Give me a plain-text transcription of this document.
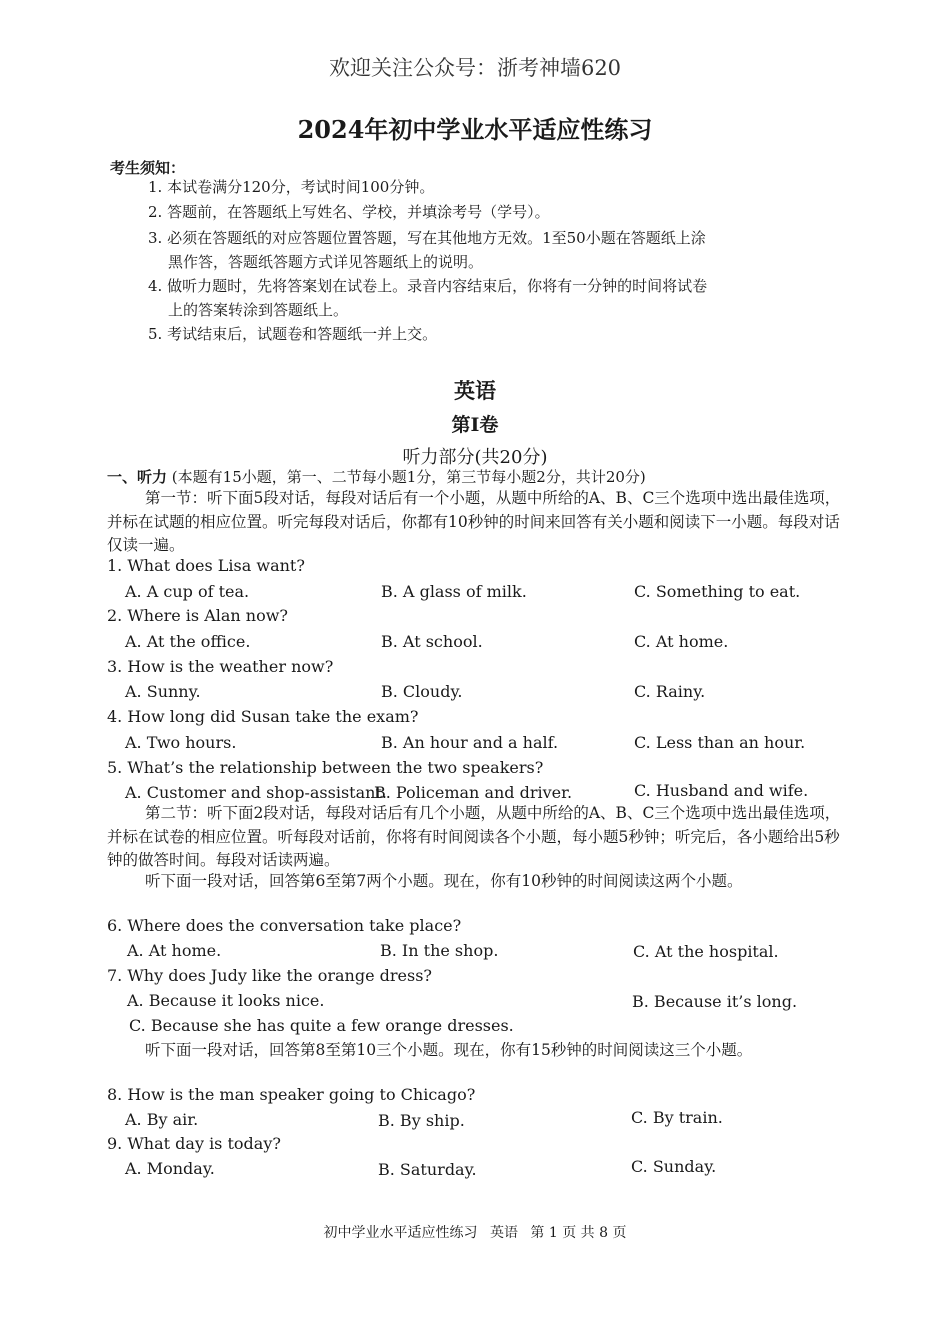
欢迎关注公众号：浙考神墙620
2024年初中学业水平适应性练习
考生须知：
1. 本试卷满分120分，考试时间100分钟。
2. 答题前，在答题纸上写姓名、学校，并填涂考号（学号）。
3. 必须在答题纸的对应答题位置答题，写在其他地方无效。1至50小题在答题纸上涂
黑作答，答题纸答题方式详见答题纸上的说明。
4. 做听力题时，先将答案划在试卷上。录音内容结束后，你将有一分钟的时间将试卷
上的答案转涂到答题纸上。
5. 考试结束后，试题卷和答题纸一并上交。
英语
第Ⅰ卷
听力部分(共20分)
一、听力 (本题有15小题，第一、二节每小题1分，第三节每小题2分，共计20分)
第一节：听下面5段对话，每段对话后有一个小题，从题中所给的A、B、C三个选项中选出最佳选项，并标在试题的相应位置。听完每段对话后，你都有10秒钟的时间来回答有关小题和阅读下一小题。每段对话仅读一遍。
1. What does Lisa want?
A. A cup of tea.	B. A glass of milk.	C. Something to eat.
2. Where is Alan now?
A. At the office.	B. At school.	C. At home.
3. How is the weather now?
A. Sunny.	B. Cloudy.	C. Rainy.
4. How long did Susan take the exam?
A. Two hours.	B. An hour and a half.	C. Less than an hour.
5. What’s the relationship between the two speakers?
A. Customer and shop-assistant.
B. Policeman and driver.	C. Husband and wife.
第二节：听下面2段对话，每段对话后有几个小题，从题中所给的A、B、C三个选项中选出最佳选项，并标在试卷的相应位置。听每段对话前，你将有时间阅读各个小题，每小题5秒钟；听完后，各小题给出5秒钟的做答时间。每段对话读两遍。
听下面一段对话，回答第6至第7两个小题。现在，你有10秒钟的时间阅读这两个小题。
6. Where does the conversation take place?
A. At home.	B. In the shop.	C. At the hospital.
7. Why does Judy like the orange dress?
A. Because it looks nice.	B. Because it’s long.
C. Because she has quite a few orange dresses.
听下面一段对话，回答第8至第10三个小题。现在，你有15秒钟的时间阅读这三个小题。
8. How is the man speaker going to Chicago?
A. By air.	B. By ship.	C. By train.
9. What day is today?
A. Monday.	B. Saturday.	C. Sunday.
初中学业水平适应性练习 英语 第 1 页 共 8 页
